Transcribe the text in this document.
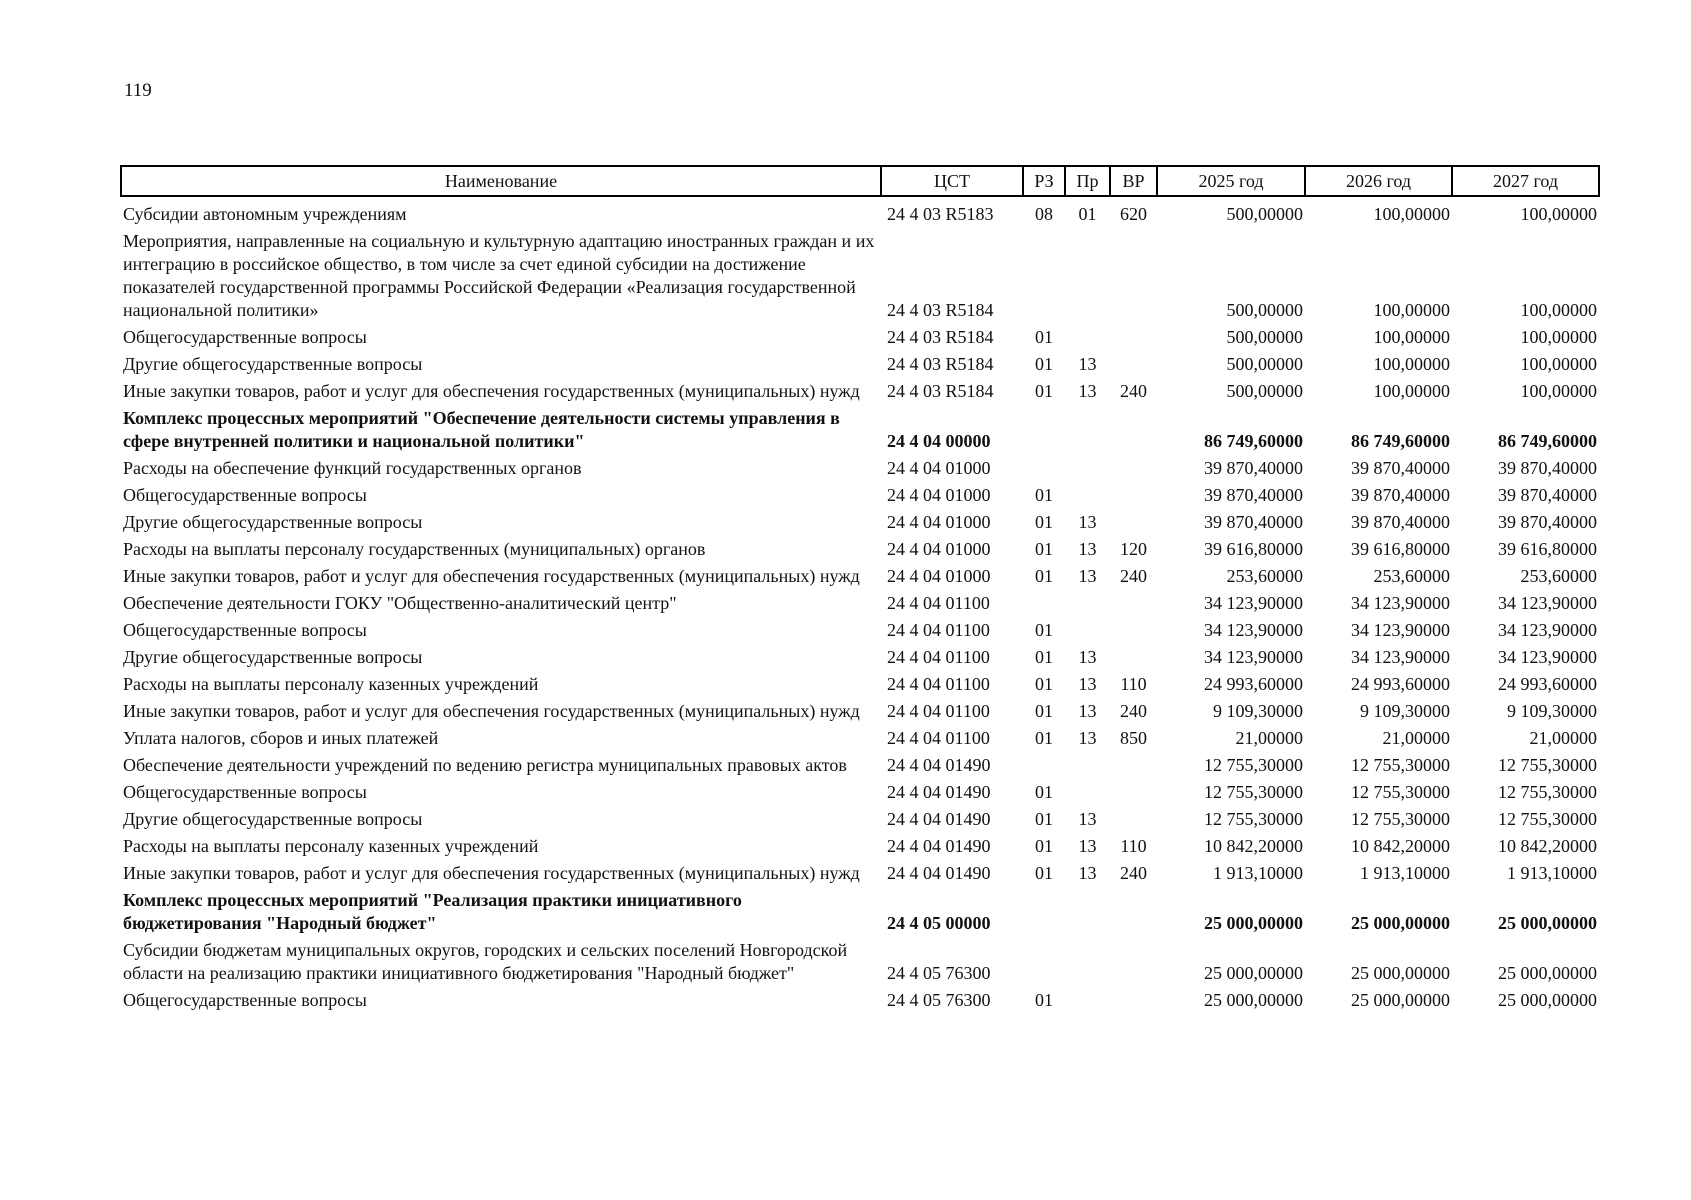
119
Наименование	ЦСТ	РЗ	Пр	ВР	2025 год	2026 год	2027 год
Субсидии автономным учреждениям	24 4 03 R5183	08	01	620	500,00000	100,00000	100,00000
Мероприятия, направленные на социальную и культурную адаптацию иностранных граждан и их интеграцию в российское общество, в том числе за счет единой субсидии на достижение показателей государственной программы Российской Федерации «Реализация государственной национальной политики»	24 4 03 R5184				500,00000	100,00000	100,00000
Общегосударственные вопросы	24 4 03 R5184	01			500,00000	100,00000	100,00000
Другие общегосударственные вопросы	24 4 03 R5184	01	13		500,00000	100,00000	100,00000
Иные закупки товаров, работ и услуг для обеспечения государственных (муниципальных) нужд	24 4 03 R5184	01	13	240	500,00000	100,00000	100,00000
Комплекс процессных мероприятий "Обеспечение деятельности системы управления в сфере внутренней политики и национальной политики"	24 4 04 00000				86 749,60000	86 749,60000	86 749,60000
Расходы на обеспечение функций государственных органов	24 4 04 01000				39 870,40000	39 870,40000	39 870,40000
Общегосударственные вопросы	24 4 04 01000	01			39 870,40000	39 870,40000	39 870,40000
Другие общегосударственные вопросы	24 4 04 01000	01	13		39 870,40000	39 870,40000	39 870,40000
Расходы на выплаты персоналу государственных (муниципальных) органов	24 4 04 01000	01	13	120	39 616,80000	39 616,80000	39 616,80000
Иные закупки товаров, работ и услуг для обеспечения государственных (муниципальных) нужд	24 4 04 01000	01	13	240	253,60000	253,60000	253,60000
Обеспечение деятельности ГОКУ "Общественно-аналитический центр"	24 4 04 01100				34 123,90000	34 123,90000	34 123,90000
Общегосударственные вопросы	24 4 04 01100	01			34 123,90000	34 123,90000	34 123,90000
Другие общегосударственные вопросы	24 4 04 01100	01	13		34 123,90000	34 123,90000	34 123,90000
Расходы на выплаты персоналу казенных учреждений	24 4 04 01100	01	13	110	24 993,60000	24 993,60000	24 993,60000
Иные закупки товаров, работ и услуг для обеспечения государственных (муниципальных) нужд	24 4 04 01100	01	13	240	9 109,30000	9 109,30000	9 109,30000
Уплата налогов, сборов и иных платежей	24 4 04 01100	01	13	850	21,00000	21,00000	21,00000
Обеспечение деятельности учреждений по ведению регистра муниципальных правовых актов	24 4 04 01490				12 755,30000	12 755,30000	12 755,30000
Общегосударственные вопросы	24 4 04 01490	01			12 755,30000	12 755,30000	12 755,30000
Другие общегосударственные вопросы	24 4 04 01490	01	13		12 755,30000	12 755,30000	12 755,30000
Расходы на выплаты персоналу казенных учреждений	24 4 04 01490	01	13	110	10 842,20000	10 842,20000	10 842,20000
Иные закупки товаров, работ и услуг для обеспечения государственных (муниципальных) нужд	24 4 04 01490	01	13	240	1 913,10000	1 913,10000	1 913,10000
Комплекс процессных мероприятий "Реализация практики инициативного бюджетирования "Народный бюджет"	24 4 05 00000				25 000,00000	25 000,00000	25 000,00000
Субсидии бюджетам муниципальных округов, городских и сельских поселений Новгородской области на реализацию практики инициативного бюджетирования "Народный бюджет"	24 4 05 76300				25 000,00000	25 000,00000	25 000,00000
Общегосударственные вопросы	24 4 05 76300	01			25 000,00000	25 000,00000	25 000,00000
